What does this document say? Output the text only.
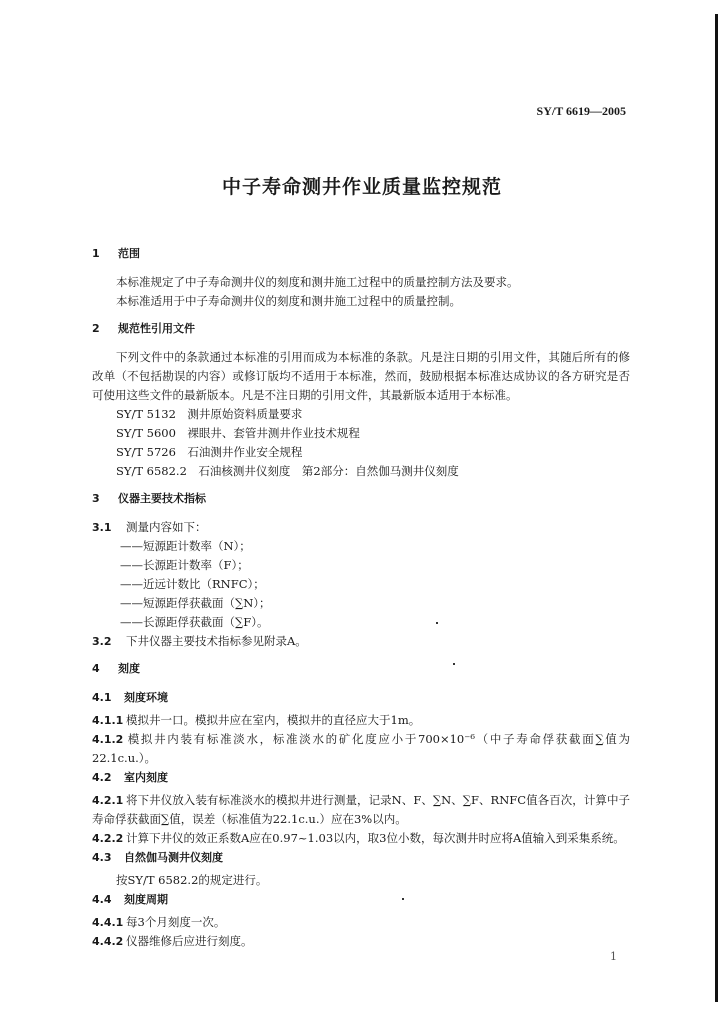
SY/T 6619—2005
中子寿命测井作业质量监控规范
1 范围

本标准规定了中子寿命测井仪的刻度和测井施工过程中的质量控制方法及要求。

本标准适用于中子寿命测井仪的刻度和测井施工过程中的质量控制。

2 规范性引用文件

下列文件中的条款通过本标准的引用而成为本标准的条款。凡是注日期的引用文件，其随后所有的修改单（不包括勘误的内容）或修订版均不适用于本标准，然而，鼓励根据本标准达成协议的各方研究是否可使用这些文件的最新版本。凡是不注日期的引用文件，其最新版本适用于本标准。

SY/T 5132　测井原始资料质量要求

SY/T 5600　裸眼井、套管井测井作业技术规程

SY/T 5726　石油测井作业安全规程

SY/T 6582.2　石油核测井仪刻度　第2部分：自然伽马测井仪刻度

3 仪器主要技术指标

3.1 测量内容如下：

——短源距计数率（N）；

——长源距计数率（F）；

——近远计数比（RNFC）；

——短源距俘获截面（∑N）；

——长源距俘获截面（∑F）。

3.2 下井仪器主要技术指标参见附录A。

4 刻度
4.1 刻度环境

4.1.1 模拟井一口。模拟井应在室内，模拟井的直径应大于1m。

4.1.2 模拟井内装有标准淡水，标准淡水的矿化度应小于700×10⁻⁶（中子寿命俘获截面∑值为22.1c.u.）。

4.2 室内刻度

4.2.1 将下井仪放入装有标准淡水的模拟井进行测量，记录N、F、∑N、∑F、RNFC值各百次，计算中子寿命俘获截面∑值，误差（标准值为22.1c.u.）应在3%以内。

4.2.2 计算下井仪的效正系数A应在0.97~1.03以内，取3位小数，每次测井时应将A值输入到采集系统。

4.3 自然伽马测井仪刻度

按SY/T 6582.2的规定进行。

4.4 刻度周期

4.4.1 每3个月刻度一次。

4.4.2 仪器维修后应进行刻度。

1
